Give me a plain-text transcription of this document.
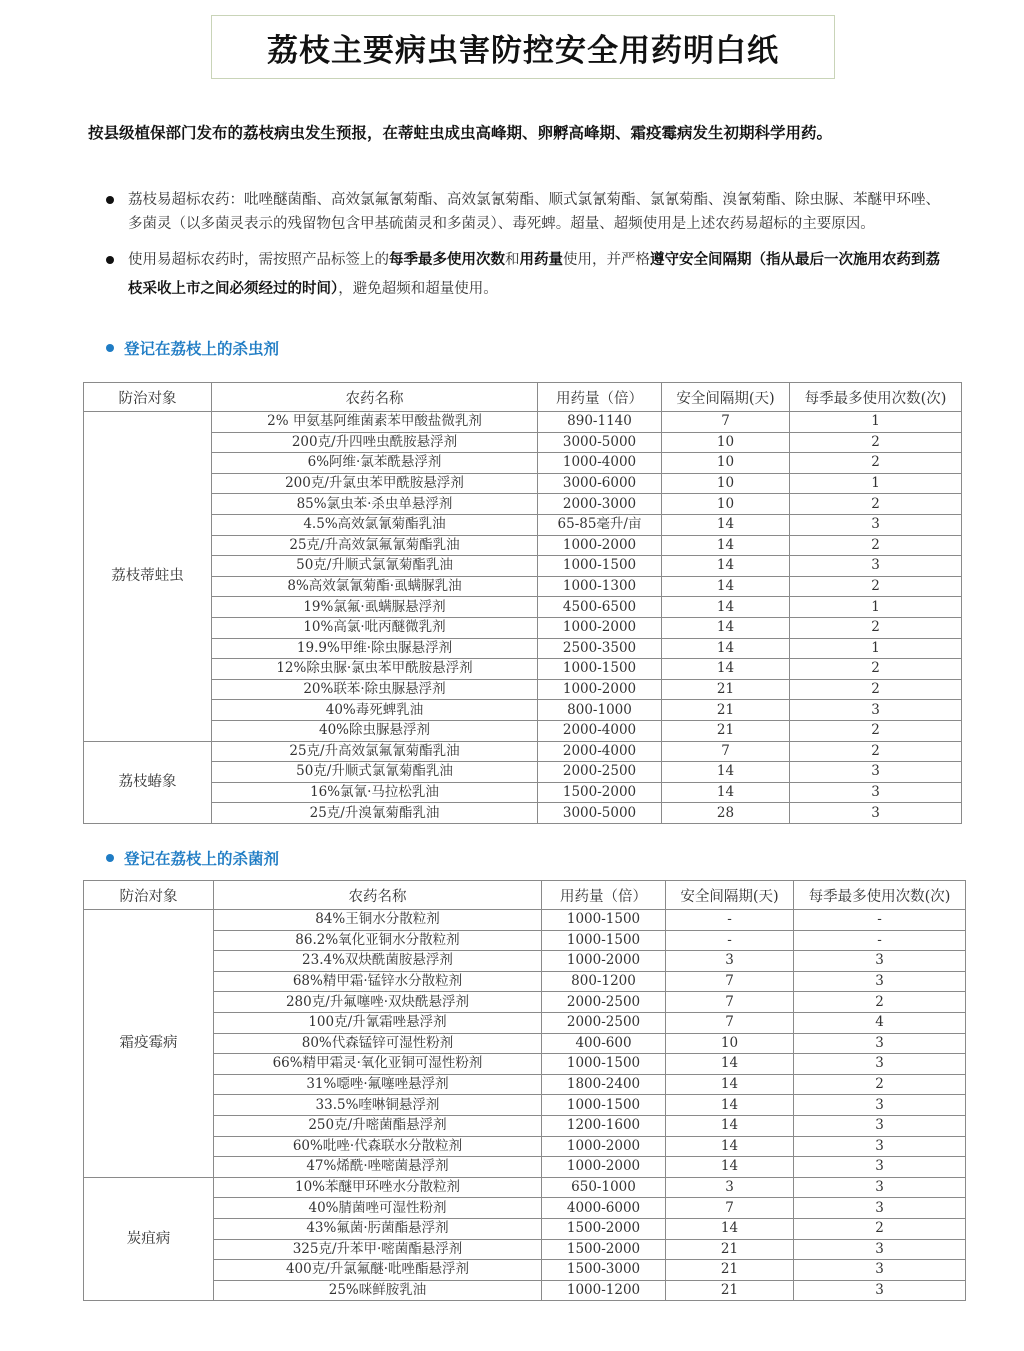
荔枝主要病虫害防控安全用药明白纸
按县级植保部门发布的荔枝病虫发生预报，在蒂蛀虫成虫高峰期、卵孵高峰期、霜疫霉病发生初期科学用药。
荔枝易超标农药：吡唑醚菌酯、高效氯氟氰菊酯、高效氯氰菊酯、顺式氯氰菊酯、氯氰菊酯、溴氰菊酯、除虫脲、苯醚甲环唑、多菌灵（以多菌灵表示的残留物包含甲基硫菌灵和多菌灵）、毒死蜱。超量、超频使用是上述农药易超标的主要原因。
使用易超标农药时，需按照产品标签上的每季最多使用次数和用药量使用，并严格遵守安全间隔期（指从最后一次施用农药到荔枝采收上市之间必须经过的时间），避免超频和超量使用。
登记在荔枝上的杀虫剂
防治对象	农药名称	用药量（倍）	安全间隔期(天)	每季最多使用次数(次)
荔枝蒂蛀虫	2% 甲氨基阿维菌素苯甲酸盐微乳剂	890-1140	7	1
	200克/升四唑虫酰胺悬浮剂	3000-5000	10	2
	6%阿维·氯苯酰悬浮剂	1000-4000	10	2
	200克/升氯虫苯甲酰胺悬浮剂	3000-6000	10	1
	85%氯虫苯·杀虫单悬浮剂	2000-3000	10	2
	4.5%高效氯氰菊酯乳油	65-85毫升/亩	14	3
	25克/升高效氯氟氰菊酯乳油	1000-2000	14	2
	50克/升顺式氯氰菊酯乳油	1000-1500	14	3
	8%高效氯氰菊酯·虱螨脲乳油	1000-1300	14	2
	19%氯氟·虱螨脲悬浮剂	4500-6500	14	1
	10%高氯·吡丙醚微乳剂	1000-2000	14	2
	19.9%甲维·除虫脲悬浮剂	2500-3500	14	1
	12%除虫脲·氯虫苯甲酰胺悬浮剂	1000-1500	14	2
	20%联苯·除虫脲悬浮剂	1000-2000	21	2
	40%毒死蜱乳油	800-1000	21	3
	40%除虫脲悬浮剂	2000-4000	21	2
荔枝蝽象	25克/升高效氯氟氰菊酯乳油	2000-4000	7	2
	50克/升顺式氯氰菊酯乳油	2000-2500	14	3
	16%氯氰·马拉松乳油	1500-2000	14	3
	25克/升溴氰菊酯乳油	3000-5000	28	3
登记在荔枝上的杀菌剂
防治对象	农药名称	用药量（倍）	安全间隔期(天)	每季最多使用次数(次)
霜疫霉病	84%王铜水分散粒剂	1000-1500	-	-
	86.2%氧化亚铜水分散粒剂	1000-1500	-	-
	23.4%双炔酰菌胺悬浮剂	1000-2000	3	3
	68%精甲霜·锰锌水分散粒剂	800-1200	7	3
	280克/升氟噻唑·双炔酰悬浮剂	2000-2500	7	2
	100克/升氰霜唑悬浮剂	2000-2500	7	4
	80%代森锰锌可湿性粉剂	400-600	10	3
	66%精甲霜灵·氧化亚铜可湿性粉剂	1000-1500	14	3
	31%噁唑·氟噻唑悬浮剂	1800-2400	14	2
	33.5%喹啉铜悬浮剂	1000-1500	14	3
	250克/升嘧菌酯悬浮剂	1200-1600	14	3
	60%吡唑·代森联水分散粒剂	1000-2000	14	3
	47%烯酰·唑嘧菌悬浮剂	1000-2000	14	3
炭疽病	10%苯醚甲环唑水分散粒剂	650-1000	3	3
	40%腈菌唑可湿性粉剂	4000-6000	7	3
	43%氟菌·肟菌酯悬浮剂	1500-2000	14	2
	325克/升苯甲·嘧菌酯悬浮剂	1500-2000	21	3
	400克/升氯氟醚·吡唑酯悬浮剂	1500-3000	21	3
	25%咪鲜胺乳油	1000-1200	21	3
